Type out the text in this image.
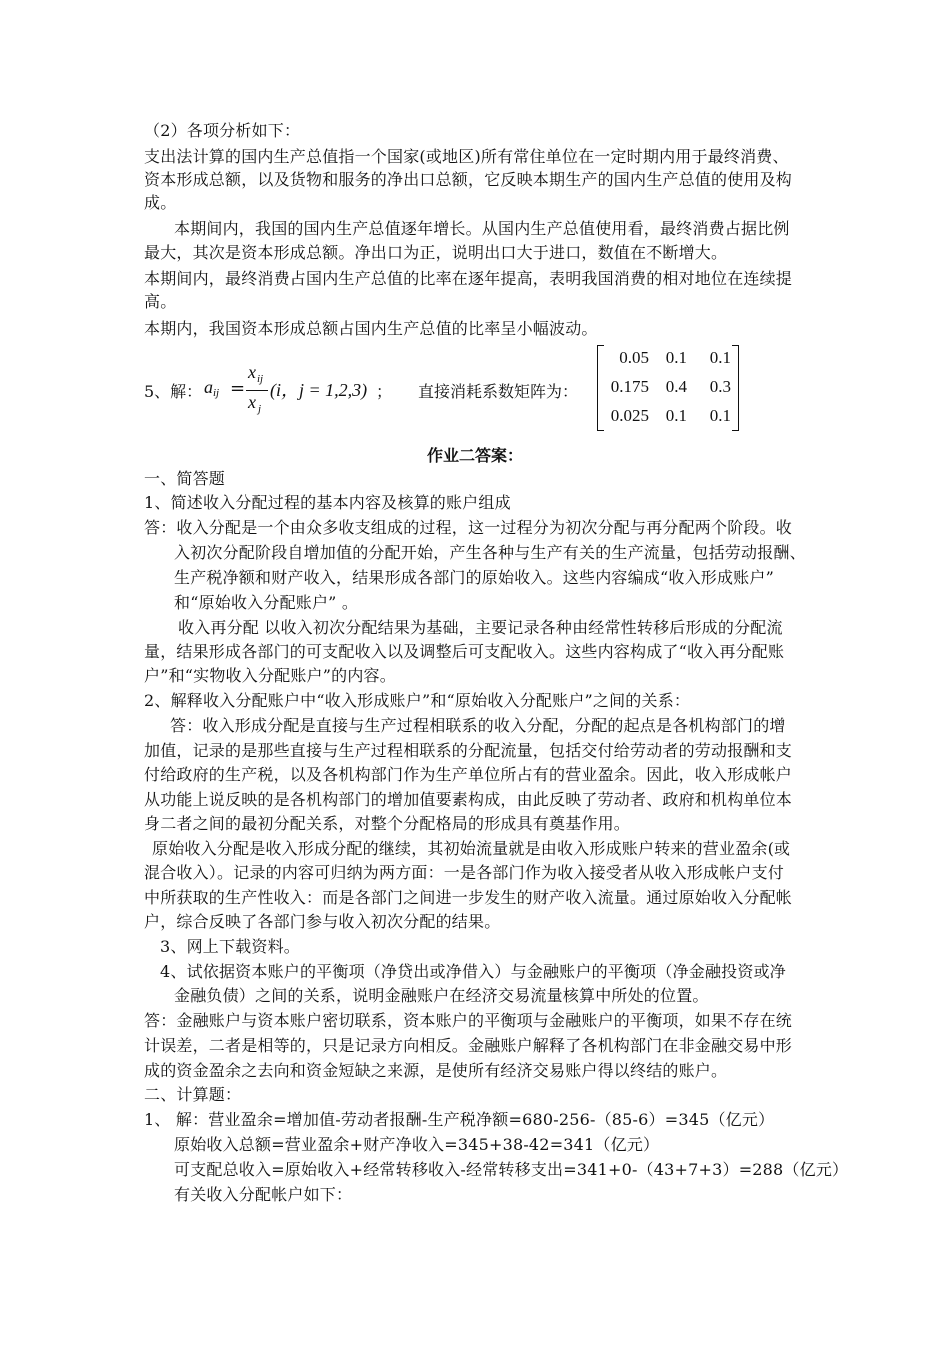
（2）各项分析如下：
支出法计算的国内生产总值指一个国家(或地区)所有常住单位在一定时期内用于最终消费、
资本形成总额，以及货物和服务的净出口总额，它反映本期生产的国内生产总值的使用及构
成。
本期间内，我国的国内生产总值逐年增长。从国内生产总值使用看，最终消费占据比例
最大，其次是资本形成总额。净出口为正，说明出口大于进口，数值在不断增大。
本期间内，最终消费占国内生产总值的比率在逐年提高，表明我国消费的相对地位在连续提
高。
本期内，我国资本形成总额占国内生产总值的比率呈小幅波动。
5、解： a ij =
x ij
x j
(i，j = 1,2,3) ； 直接消耗系数矩阵为：
0.05 0.1	0.1
0.175 0.4	0.3
0.025 0.1	0.1
作业二答案：
一、简答题
1、简述收入分配过程的基本内容及核算的账户组成
答：收入分配是一个由众多收支组成的过程，这一过程分为初次分配与再分配两个阶段。收
入初次分配阶段自增加值的分配开始，产生各种与生产有关的生产流量，包括劳动报酬、
生产税净额和财产收入，结果形成各部门的原始收入。这些内容编成“收入形成账户”
和“原始收入分配账户” 。
收入再分配 以收入初次分配结果为基础，主要记录各种由经常性转移后形成的分配流
量，结果形成各部门的可支配收入以及调整后可支配收入。这些内容构成了“收入再分配账
户”和“实物收入分配账户”的内容。
2、解释收入分配账户中“收入形成账户”和“原始收入分配账户”之间的关系：
答：收入形成分配是直接与生产过程相联系的收入分配，分配的起点是各机构部门的增
加值，记录的是那些直接与生产过程相联系的分配流量，包括交付给劳动者的劳动报酬和支
付给政府的生产税，以及各机构部门作为生产单位所占有的营业盈余。因此，收入形成帐户
从功能上说反映的是各机构部门的增加值要素构成，由此反映了劳动者、政府和机构单位本
身二者之间的最初分配关系，对整个分配格局的形成具有奠基作用。
原始收入分配是收入形成分配的继续，其初始流量就是由收入形成账户转来的营业盈余(或
混合收入）。记录的内容可归纳为两方面：一是各部门作为收入接受者从收入形成帐户支付
中所获取的生产性收入：而是各部门之间进一步发生的财产收入流量。通过原始收入分配帐
户，综合反映了各部门参与收入初次分配的结果。
3、网上下载资料。
4、试依据资本账户的平衡项（净贷出或净借入）与金融账户的平衡项（净金融投资或净
金融负债）之间的关系，说明金融账户在经济交易流量核算中所处的位置。
答：金融账户与资本账户密切联系，资本账户的平衡项与金融账户的平衡项，如果不存在统
计误差，二者是相等的，只是记录方向相反。金融账户解释了各机构部门在非金融交易中形
成的资金盈余之去向和资金短缺之来源，是使所有经济交易账户得以终结的账户。
二、计算题：
1、 解：营业盈余=增加值-劳动者报酬-生产税净额=680-256-（85-6）=345（亿元）
原始收入总额=营业盈余+财产净收入=345+38-42=341（亿元）
可支配总收入=原始收入+经常转移收入-经常转移支出=341+0-（43+7+3）=288（亿元）
有关收入分配帐户如下：
